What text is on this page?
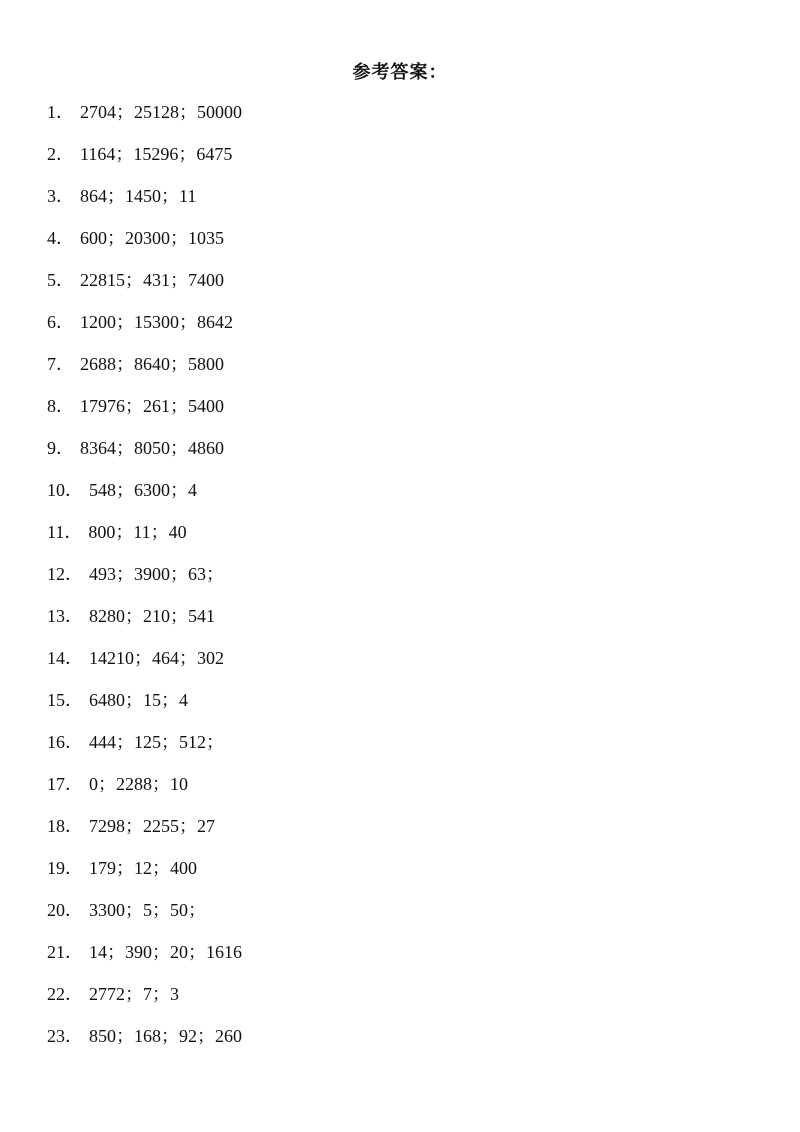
参考答案：
1． 2704；25128；50000
2． 1164；15296；6475
3． 864；1450；11
4． 600；20300；1035
5． 22815；431；7400
6． 1200；15300；8642
7． 2688；8640；5800
8． 17976；261；5400
9． 8364；8050；4860
10． 548；6300；4
11． 800；11；40
12． 493；3900；63；
13． 8280；210；541
14． 14210；464；302
15． 6480；15；4
16． 444；125；512；
17． 0；2288；10
18． 7298；2255；27
19． 179；12；400
20． 3300；5；50；
21． 14；390；20；1616
22． 2772；7；3
23． 850；168；92；260
